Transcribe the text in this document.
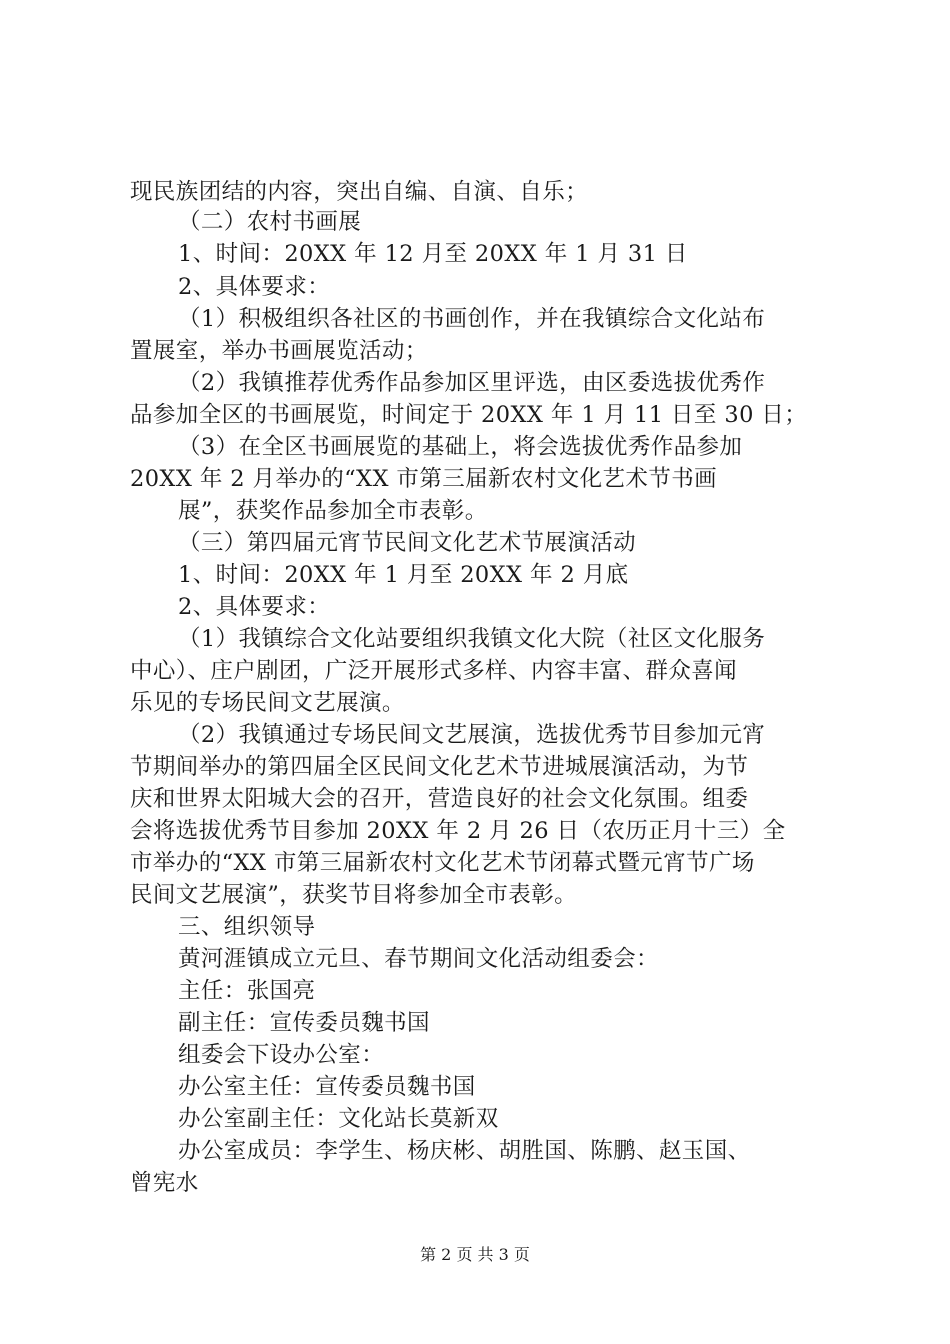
现民族团结的内容，突出自编、自演、自乐；
（二）农村书画展
1、时间：20XX 年 12 月至 20XX 年 1 月 31 日
2、具体要求：
（1）积极组织各社区的书画创作，并在我镇综合文化站布
置展室，举办书画展览活动；
（2）我镇推荐优秀作品参加区里评选，由区委选拔优秀作
品参加全区的书画展览，时间定于 20XX 年 1 月 11 日至 30 日；
（3）在全区书画展览的基础上，将会选拔优秀作品参加
20XX 年 2 月举办的“XX 市第三届新农村文化艺术节书画
展”，获奖作品参加全市表彰。
（三）第四届元宵节民间文化艺术节展演活动
1、时间：20XX 年 1 月至 20XX 年 2 月底
2、具体要求：
（1）我镇综合文化站要组织我镇文化大院（社区文化服务
中心）、庄户剧团，广泛开展形式多样、内容丰富、群众喜闻
乐见的专场民间文艺展演。
（2）我镇通过专场民间文艺展演，选拔优秀节目参加元宵
节期间举办的第四届全区民间文化艺术节进城展演活动，为节
庆和世界太阳城大会的召开，营造良好的社会文化氛围。组委
会将选拔优秀节目参加 20XX 年 2 月 26 日（农历正月十三）全
市举办的“XX 市第三届新农村文化艺术节闭幕式暨元宵节广场
民间文艺展演”，获奖节目将参加全市表彰。
三、组织领导
黄河涯镇成立元旦、春节期间文化活动组委会：
主任：张国亮
副主任：宣传委员魏书国
组委会下设办公室：
办公室主任：宣传委员魏书国
办公室副主任：文化站长莫新双
办公室成员：李学生、杨庆彬、胡胜国、陈鹏、赵玉国、
曾宪水
第 2 页 共 3 页
